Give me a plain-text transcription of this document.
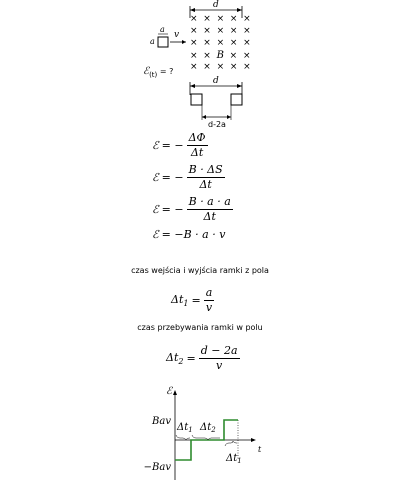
d
a
a
v
× × × × ×
× × × × ×
× × × × ×
× × B × ×
× × × × ×
ℰ$_{(t)}$ = ?
d
d-2a
ℰ = − $\frac{\Delta\Phi}{\Delta t}$
ℰ = − $\frac{B \cdot \Delta S}{\Delta t}$
ℰ = − $\frac{B \cdot a \cdot a}{\Delta t}$
ℰ = −B · a · v
czas wejścia i wyjścia ramki z pola
$\Delta t_1 = \frac{a}{v}$
czas przebywania ramki w polu
$\Delta t_2 = \frac{d - 2a}{v}$
ℰ
t
Bav
−Bav
$\Delta t_1$ $\Delta t_2$
$\Delta t_1$
